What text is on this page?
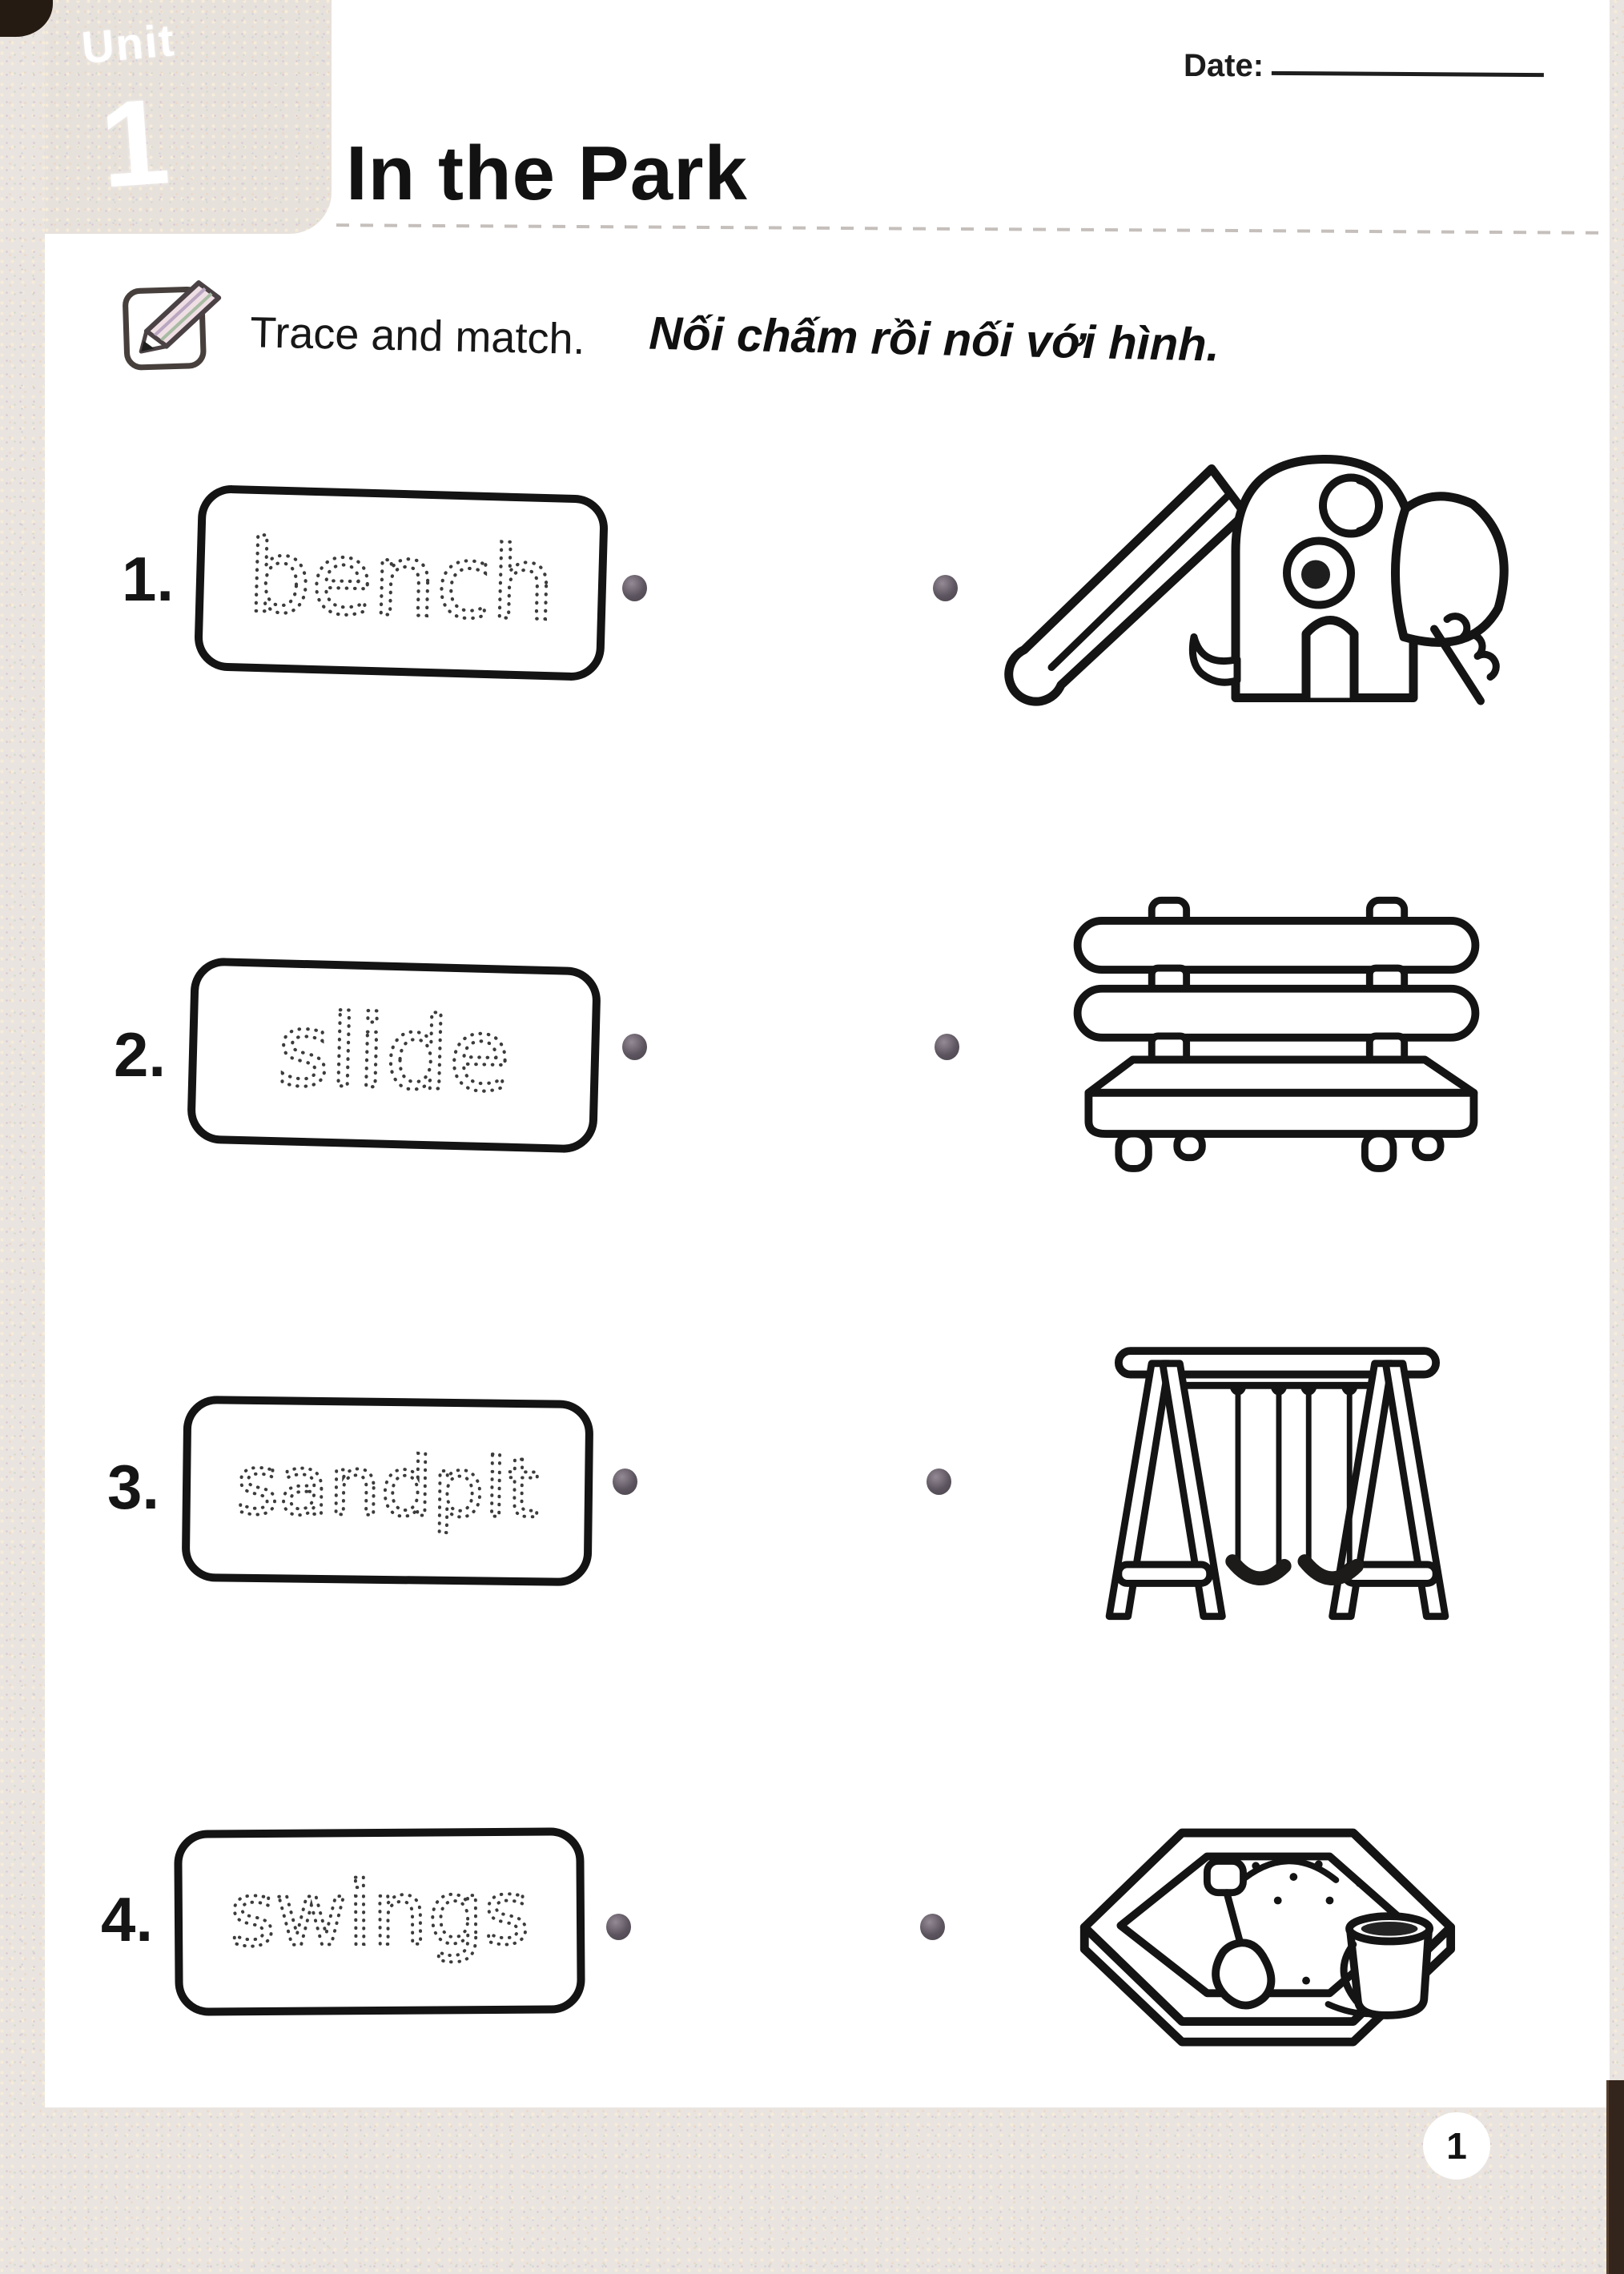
Unit
1 In the Park
Date:
Trace and match. Nối chấm rồi nối với hình.
1. bench
2. slide
3. sandpit
4. swings
1
